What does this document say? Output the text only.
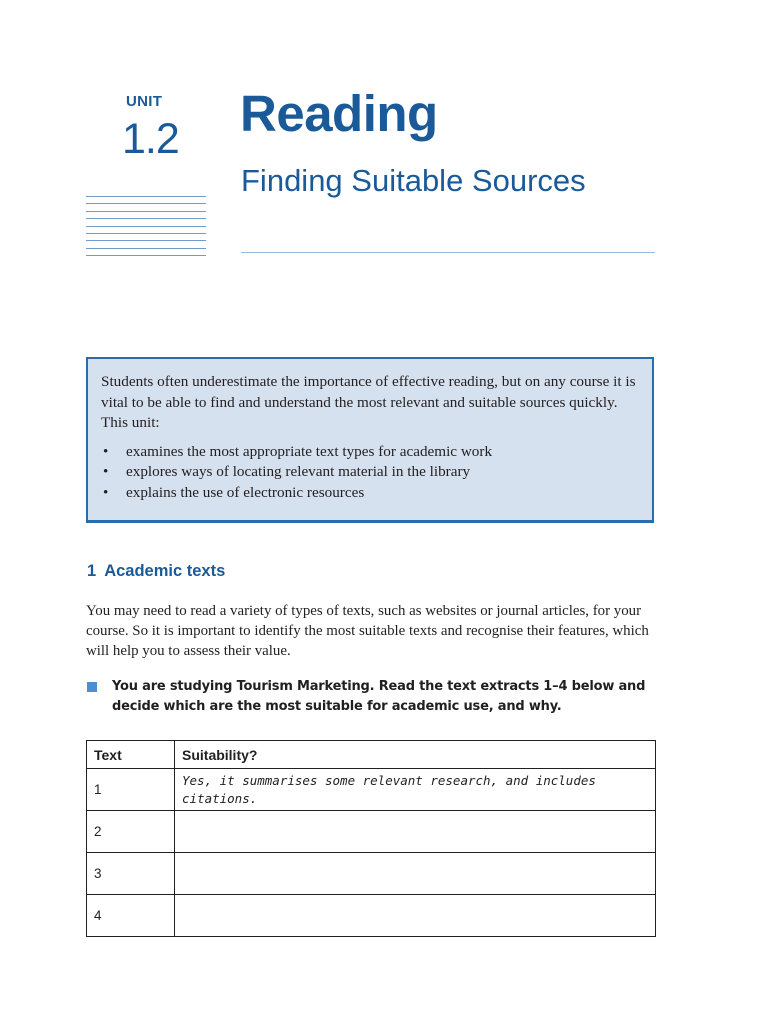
UNIT
1.2 Reading
Finding Suitable Sources

Students often underestimate the importance of effective reading, but on any course it is vital to be able to find and understand the most relevant and suitable sources quickly. This unit:

• examines the most appropriate text types for academic work
• explores ways of locating relevant material in the library
• explains the use of electronic resources
1 Academic texts

You may need to read a variety of types of texts, such as websites or journal articles, for your course. So it is important to identify the most suitable texts and recognise their features, which will help you to assess their value.

You are studying Tourism Marketing. Read the text extracts 1–4 below and decide which are the most suitable for academic use, and why.

Text	Suitability?
1	Yes, it summarises some relevant research, and includes citations.

2	
3	
4	
